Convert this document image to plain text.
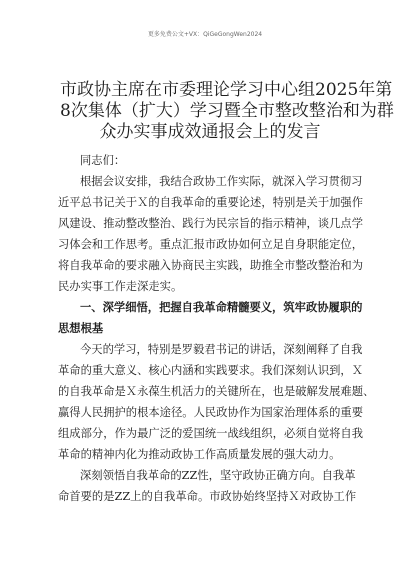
更多免费公文+VX：QiGeGongWen2024
市政协主席在市委理论学习中心组2025年第
8次集体（扩大）学习暨全市整改整治和为群
众办实事成效通报会上的发言
同志们：
根据会议安排，我结合政协工作实际，就深入学习贯彻习
近平总书记关于Ｘ的自我革命的重要论述，特别是关于加强作
风建设、推动整改整治、践行为民宗旨的指示精神，谈几点学
习体会和工作思考。重点汇报市政协如何立足自身职能定位，
将自我革命的要求融入协商民主实践，助推全市整改整治和为
民办实事工作走深走实。
一、深学细悟，把握自我革命精髓要义，筑牢政协履职的
思想根基
今天的学习，特别是罗毅君书记的讲话，深刻阐释了自我
革命的重大意义、核心内涵和实践要求。我们深刻认识到，Ｘ
的自我革命是Ｘ永葆生机活力的关键所在，也是破解发展难题、
赢得人民拥护的根本途径。人民政协作为国家治理体系的重要
组成部分，作为最广泛的爱国统一战线组织，必须自觉将自我
革命的精神内化为推动政协工作高质量发展的强大动力。
深刻领悟自我革命的ZZ性，坚守政协正确方向。自我革
命首要的是ZZ上的自我革命。市政协始终坚持Ｘ对政协工作
